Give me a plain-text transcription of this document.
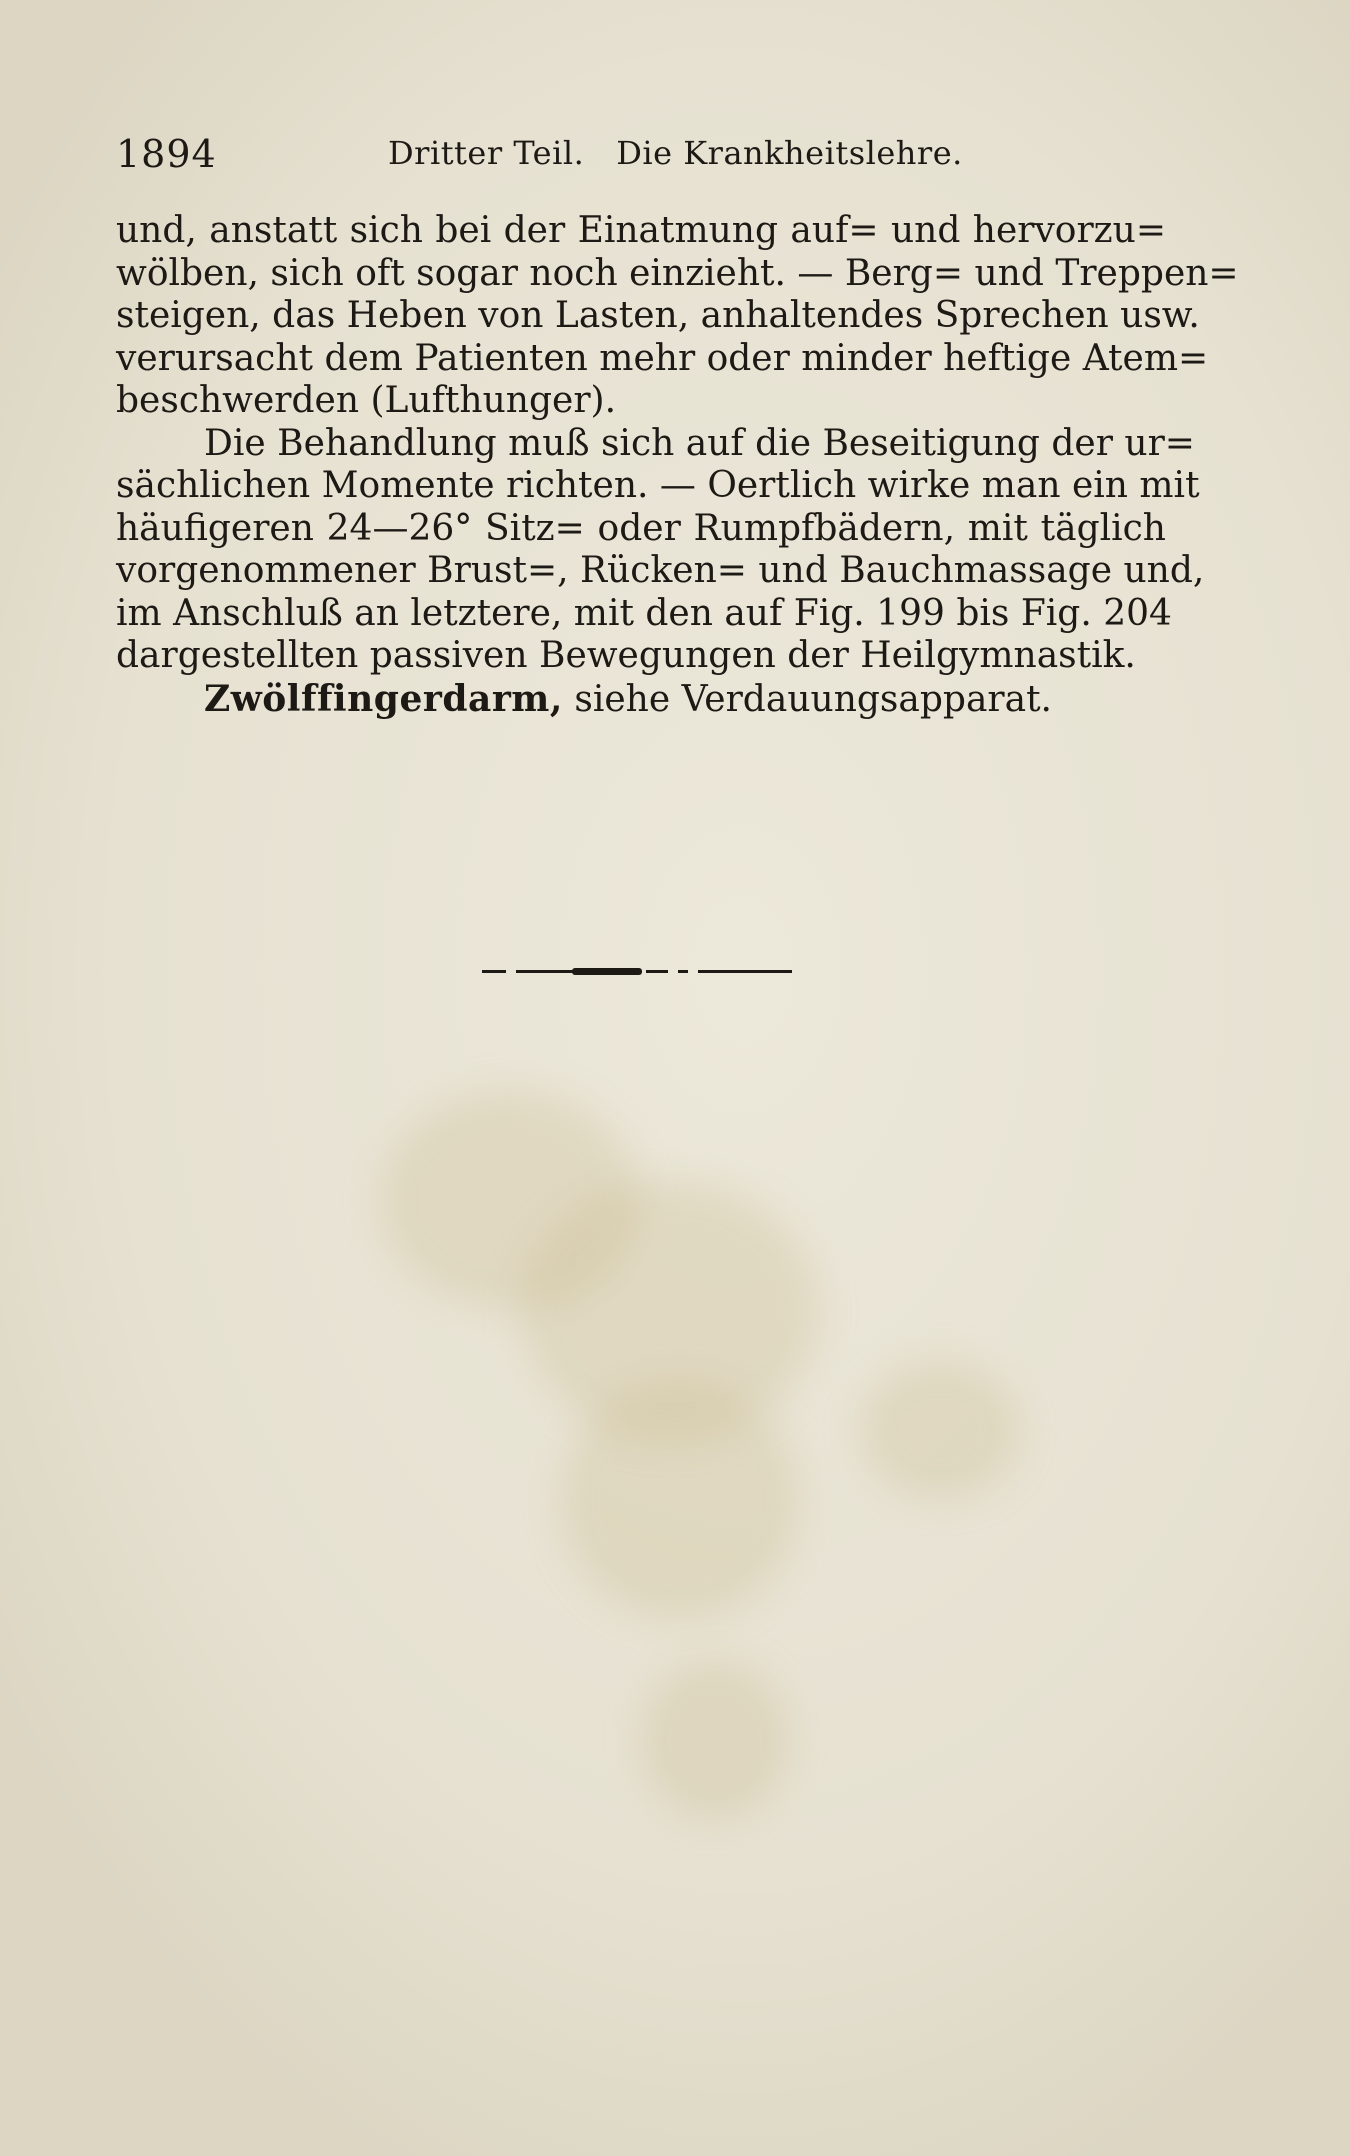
1894	Dritter Teil.   Die Krankheitslehre.
und, anstatt sich bei der Einatmung auf= und hervorzu=
wölben, sich oft sogar noch einzieht. — Berg= und Treppen=
steigen, das Heben von Lasten, anhaltendes Sprechen usw.
verursacht dem Patienten mehr oder minder heftige Atem=
beschwerden (Lufthunger).
Die Behandlung muß sich auf die Beseitigung der ur=
sächlichen Momente richten. — Oertlich wirke man ein mit
häufigeren 24—26° Sitz= oder Rumpfbädern, mit täglich
vorgenommener Brust=, Rücken= und Bauchmassage und,
im Anschluß an letztere, mit den auf Fig. 199 bis Fig. 204
dargestellten passiven Bewegungen der Heilgymnastik.
Zwölffingerdarm, siehe Verdauungsapparat.
